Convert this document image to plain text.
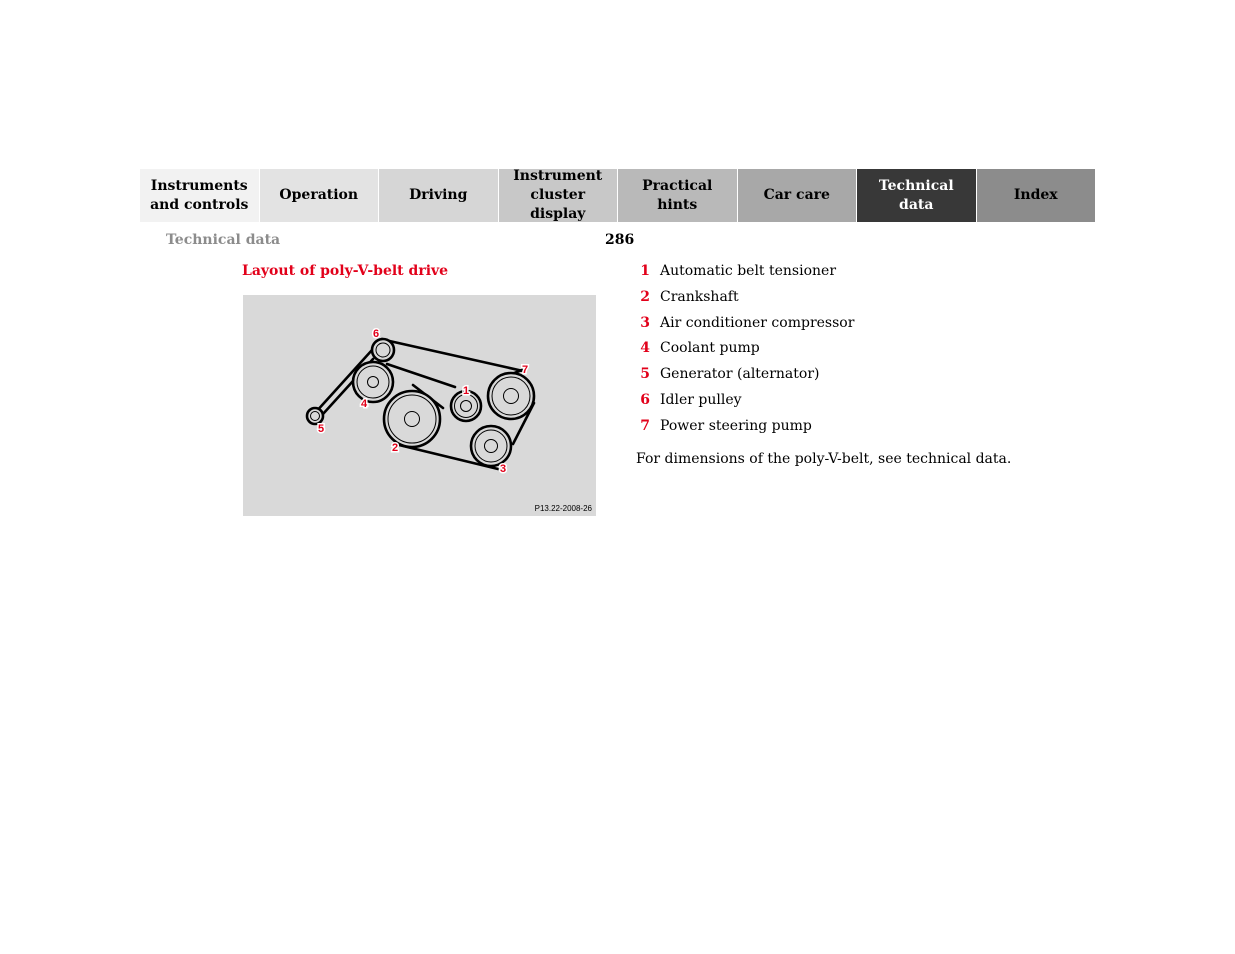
Instruments
and controls
Operation	Driving
Instrument
cluster display
Practical hints
Car care
Technical
data
Index
Technical data	286
Layout of poly-V-belt drive
1
2
3
4
5
6
7
P13.22-2008-26
1 Automatic belt tensioner
2 Crankshaft
3 Air conditioner compressor
4 Coolant pump
5 Generator (alternator)
6 Idler pulley
7 Power steering pump
For dimensions of the poly-V-belt, see technical data.
